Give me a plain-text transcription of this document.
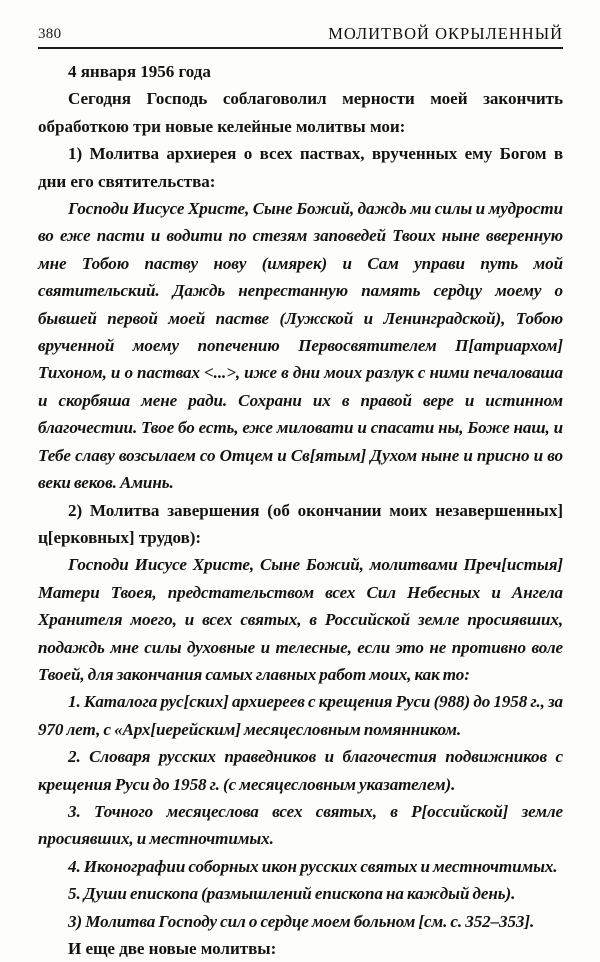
380	МОЛИТВОЙ ОКРЫЛЕННЫЙ

4 января 1956 года

Сегодня Господь соблаговолил мерности моей закончить обработкою три новые келейные молитвы мои:

1) Молитва архиерея о всех паствах, врученных ему Богом в дни его святительства:

Господи Иисусе Христе, Сыне Божий, даждь ми силы и мудрости во еже пасти и водити по стезям заповедей Твоих ныне вверенную мне Тобою паству нову (имярек) и Сам управи путь мой святительский. Даждь непрестанную память сердцу моему о бывшей первой моей пастве (Лужской и Ленинградской), Тобою врученной моему попечению Первосвятителем П[атриархом] Тихоном, и о паствах <...>, иже в дни моих разлук с ними печаловаша и скорбяша мене ради. Сохрани их в правой вере и истинном благочестии. Твое бо есть, еже миловати и спасати ны, Боже наш, и Тебе славу возсылаем со Отцем и Св[ятым] Духом ныне и присно и во веки веков. Аминь.

2) Молитва завершения (об окончании моих незавершенных] ц[ерковных] трудов):

Господи Иисусе Христе, Сыне Божий, молитвами Преч[истыя] Матери Твоея, предстательством всех Сил Небесных и Ангела Хранителя моего, и всех святых, в Российской земле просиявших, подаждь мне силы духовные и телесные, если это не противно воле Твоей, для закончания самых главных работ моих, как то:

1. Каталога рус[ских] архиереев с крещения Руси (988) до 1958 г., за 970 лет, с «Арх[иерейским] месяцесловным помянником.

2. Словаря русских праведников и благочестия подвижников с крещения Руси до 1958 г. (с месяцесловным указателем).

3. Точного месяцеслова всех святых, в Р[оссийской] земле просиявших, и местночтимых.

4. Иконографии соборных икон русских святых и местночтимых.

5. Души епископа (размышлений епископа на каждый день).

3) Молитва Господу сил о сердце моем больном [см. с. 352–353].

И еще две новые молитвы:
